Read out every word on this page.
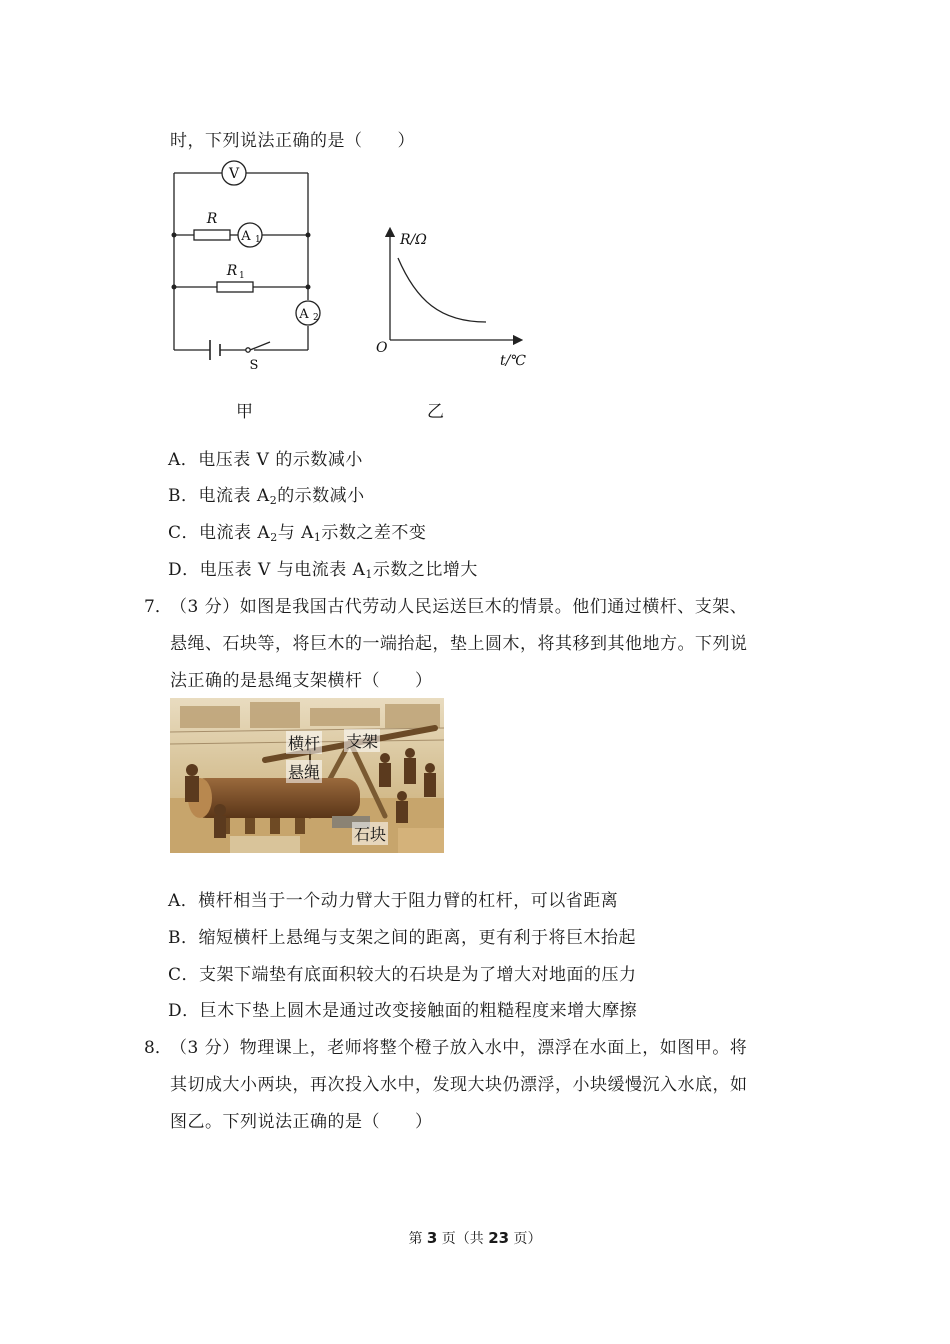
时，下列说法正确的是（　　）
V
R
A 1
R 1
A 2
S
甲
R/Ω
O
t/℃
乙
A．电压表 V 的示数减小
B．电流表 $A_2$的示数减小
C．电流表 $A_2$与 $A_1$示数之差不变
D．电压表 V 与电流表 $A_1$示数之比增大
7．
（3 分）如图是我国古代劳动人民运送巨木的情景。他们通过横杆、支架、
悬绳、石块等，将巨木的一端抬起，垫上圆木，将其移到其他地方。下列说
法正确的是悬绳支架横杆（　　）
横杆 支架
悬绳
石块
A．横杆相当于一个动力臂大于阻力臂的杠杆，可以省距离
B．缩短横杆上悬绳与支架之间的距离，更有利于将巨木抬起
C．支架下端垫有底面积较大的石块是为了增大对地面的压力
D．巨木下垫上圆木是通过改变接触面的粗糙程度来增大摩擦
8．
（3 分）物理课上，老师将整个橙子放入水中，漂浮在水面上，如图甲。将
其切成大小两块，再次投入水中，发现大块仍漂浮，小块缓慢沉入水底，如
图乙。下列说法正确的是（　　）
第 3 页（共 23 页）
